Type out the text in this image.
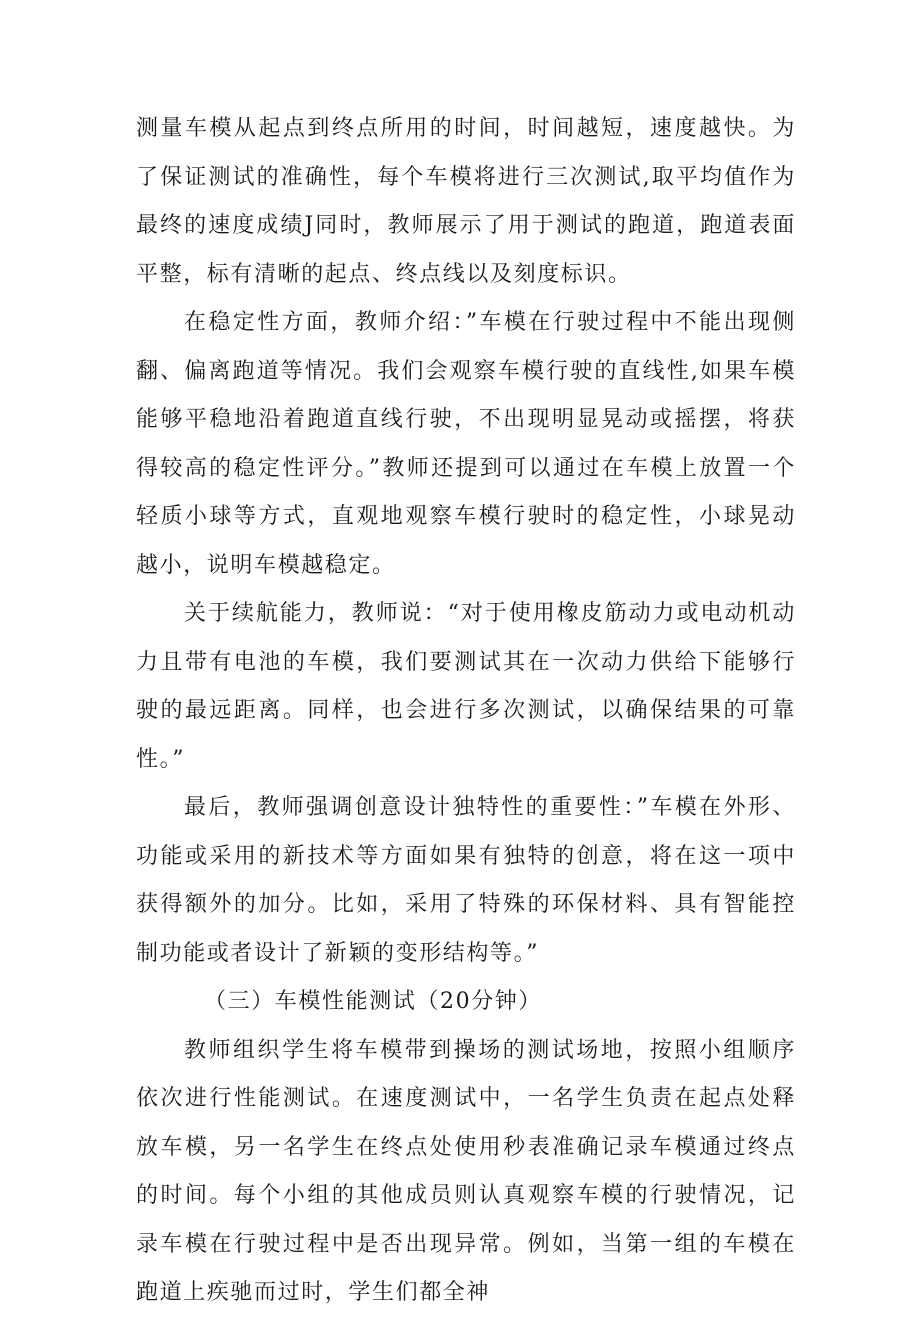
测量车模从起点到终点所用的时间，时间越短，速度越快。为了保证测试的准确性，每个车模将进行三次测试,取平均值作为最终的速度成绩J同时，教师展示了用于测试的跑道，跑道表面平整，标有清晰的起点、终点线以及刻度标识。

在稳定性方面，教师介绍：”车模在行驶过程中不能出现侧翻、偏离跑道等情况。我们会观察车模行驶的直线性,如果车模能够平稳地沿着跑道直线行驶，不出现明显晃动或摇摆，将获得较高的稳定性评分。”教师还提到可以通过在车模上放置一个轻质小球等方式，直观地观察车模行驶时的稳定性，小球晃动越小，说明车模越稳定。

关于续航能力，教师说：“对于使用橡皮筋动力或电动机动力且带有电池的车模，我们要测试其在一次动力供给下能够行驶的最远距离。同样，也会进行多次测试，以确保结果的可靠性。”

最后，教师强调创意设计独特性的重要性：”车模在外形、功能或采用的新技术等方面如果有独特的创意，将在这一项中获得额外的加分。比如，采用了特殊的环保材料、具有智能控制功能或者设计了新颖的变形结构等。”

（三）车模性能测试（20分钟）

教师组织学生将车模带到操场的测试场地，按照小组顺序依次进行性能测试。在速度测试中，一名学生负责在起点处释放车模，另一名学生在终点处使用秒表准确记录车模通过终点的时间。每个小组的其他成员则认真观察车模的行驶情况，记录车模在行驶过程中是否出现异常。例如，当第一组的车模在跑道上疾驰而过时，学生们都全神
